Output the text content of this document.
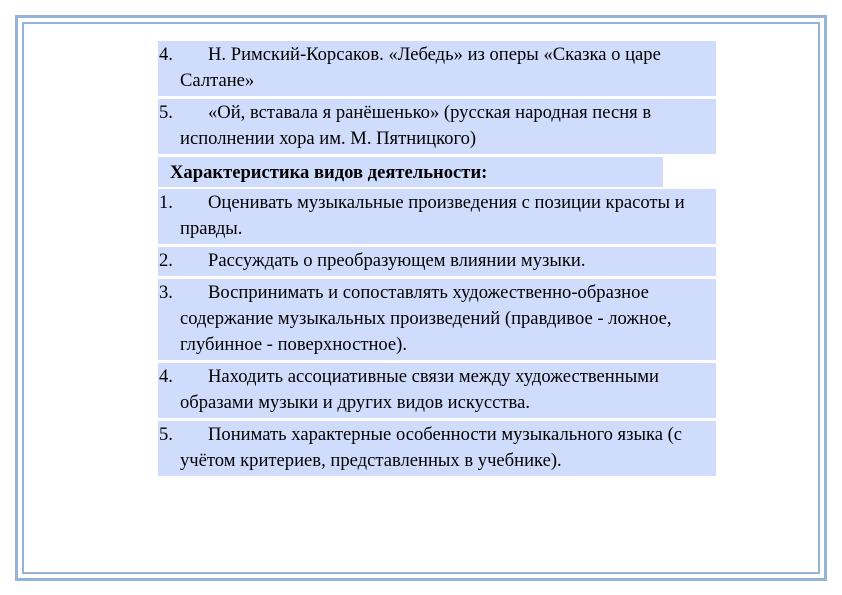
4.	Н. Римский-Корсаков. «Лебедь» из оперы «Сказка о царе Салтане»
5.	«Ой, вставала я ранёшенько» (русская народная песня в исполнении хора им. М. Пятницкого)
Характеристика видов деятельности:
1.	Оценивать музыкальные произведения с позиции красоты и правды.
2.	Рассуждать о преобразующем влиянии музыки.
3.	Воспринимать и сопоставлять художественно-образное содержание музыкальных произведений (правдивое - ложное, глубинное - поверхностное).
4.	Находить ассоциативные связи между художественными образами музыки и других видов искусства.
5.	Понимать характерные особенности музыкального языка (с учётом критериев, представленных в учебнике).
